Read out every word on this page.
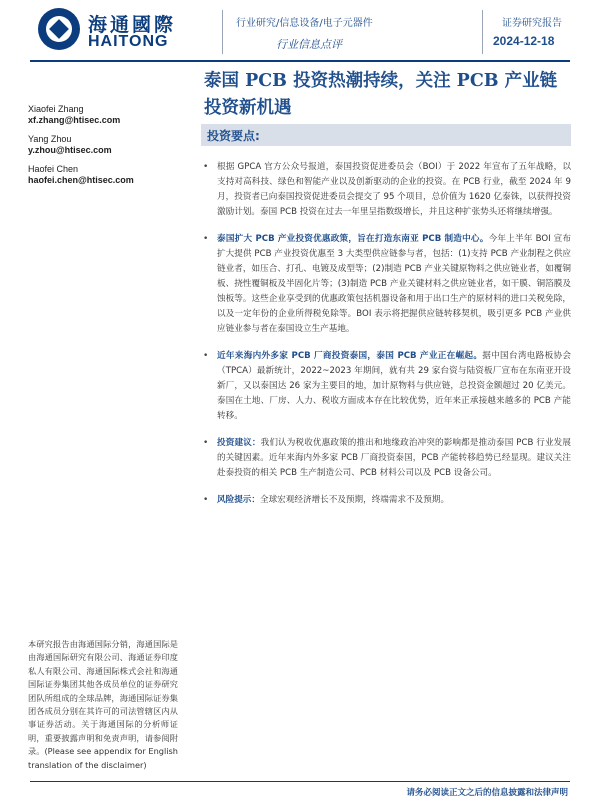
海通國際
HAITONG
行业研究/信息设备/电子元器件
行业信息点评
证券研究报告
2024-12-18
泰国 PCB 投资热潮持续，关注 PCB 产业链投资新机遇
Xiaofei Zhang
xf.zhang@htisec.com
Yang Zhou
y.zhou@htisec.com
Haofei Chen
haofei.chen@htisec.com
投资要点:
• 根据 GPCA 官方公众号报道，泰国投资促进委员会（BOI）于 2022 年宣布了五年战略，以支持对高科技、绿色和智能产业以及创新驱动的企业的投资。在 PCB 行业，截至 2024 年 9 月，投资者已向泰国投资促进委员会提交了 95 个项目，总价值为 1620 亿泰铢，以获得投资激励计划。泰国 PCB 投资在过去一年里呈指数级增长，并且这种扩张势头还将继续增强。
• 泰国扩大 PCB 产业投资优惠政策，旨在打造东南亚 PCB 制造中心。今年上半年 BOI 宣布扩大提供 PCB 产业投资优惠至 3 大类型供应链参与者，包括：(1)支持 PCB 产业制程之供应链业者，如压合、打孔、电镀及成型等；(2)制造 PCB 产业关键原物料之供应链业者，如覆铜板、挠性覆铜板及半固化片等；(3)制造 PCB 产业关键材料之供应链业者，如干膜、铜箔膜及蚀板等。这些企业享受到的优惠政策包括机器设备和用于出口生产的原材料的进口关税免除，以及一定年份的企业所得税免除等。BOI 表示将把握供应链转移契机，吸引更多 PCB 产业供应链业参与者在泰国设立生产基地。
• 近年来海内外多家 PCB 厂商投资泰国，泰国 PCB 产业正在崛起。据中国台湾电路板协会（TPCA）最新统计，2022~2023 年期间，就有共 29 家台资与陆资板厂宣布在东南亚开设新厂，又以泰国达 26 家为主要目的地，加计原物料与供应链，总投资金额超过 20 亿美元。泰国在土地、厂房、人力、税收方面成本存在比较优势，近年来正承接越来越多的 PCB 产能转移。
• 投资建议：我们认为税收优惠政策的推出和地缘政治冲突的影响都是推动泰国 PCB 行业发展的关键因素。近年来海内外多家 PCB 厂商投资泰国，PCB 产能转移趋势已经显现。建议关注赴泰投资的相关 PCB 生产制造公司、PCB 材料公司以及 PCB 设备公司。
• 风险提示：全球宏观经济增长不及预期，终端需求不及预期。
本研究报告由海通国际分销，海通国际是由海通国际研究有限公司、海通证券印度私人有限公司、海通国际株式会社和海通国际证券集团其他各成员单位的证券研究团队所组成的全球品牌，海通国际证券集团各成员分别在其许可的司法管辖区内从事证券活动。关于海通国际的分析师证明，重要披露声明和免责声明，请参阅附录。(Please see appendix for English translation of the disclaimer)
请务必阅读正文之后的信息披露和法律声明
